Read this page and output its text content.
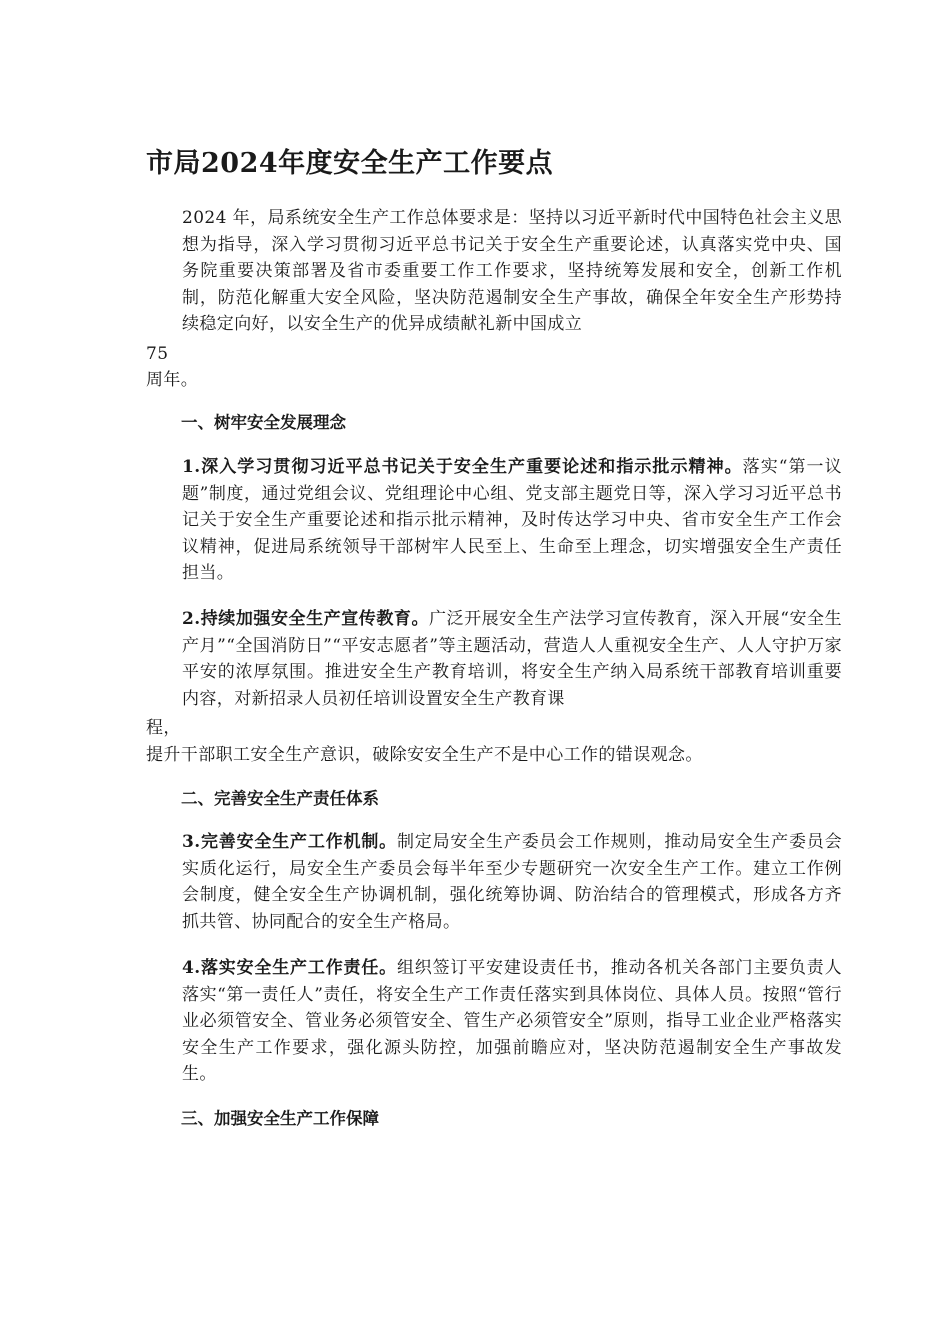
市局2024年度安全生产工作要点

2024 年，局系统安全生产工作总体要求是：坚持以习近平新时代中国特色社会主义思想为指导，深入学习贯彻习近平总书记关于安全生产重要论述，认真落实党中央、国务院重要决策部署及省市委重要工作工作要求，坚持统筹发展和安全，创新工作机制，防范化解重大安全风险，坚决防范遏制安全生产事故，确保全年安全生产形势持续稳定向好，以安全生产的优异成绩献礼新中国成立

75

周年。

一、树牢安全发展理念

1.深入学习贯彻习近平总书记关于安全生产重要论述和指示批示精神。落实“第一议题”制度，通过党组会议、党组理论中心组、党支部主题党日等，深入学习习近平总书记关于安全生产重要论述和指示批示精神，及时传达学习中央、省市安全生产工作会议精神，促进局系统领导干部树牢人民至上、生命至上理念，切实增强安全生产责任担当。

2.持续加强安全生产宣传教育。广泛开展安全生产法学习宣传教育，深入开展“安全生产月”“全国消防日”“平安志愿者”等主题活动，营造人人重视安全生产、人人守护万家平安的浓厚氛围。推进安全生产教育培训，将安全生产纳入局系统干部教育培训重要内容，对新招录人员初任培训设置安全生产教育课

程，

提升干部职工安全生产意识，破除安安全生产不是中心工作的错误观念。

二、完善安全生产责任体系

3.完善安全生产工作机制。制定局安全生产委员会工作规则，推动局安全生产委员会实质化运行，局安全生产委员会每半年至少专题研究一次安全生产工作。建立工作例会制度，健全安全生产协调机制，强化统筹协调、防治结合的管理模式，形成各方齐抓共管、协同配合的安全生产格局。

4.落实安全生产工作责任。组织签订平安建设责任书，推动各机关各部门主要负责人落实“第一责任人”责任，将安全生产工作责任落实到具体岗位、具体人员。按照“管行业必须管安全、管业务必须管安全、管生产必须管安全”原则，指导工业企业严格落实安全生产工作要求，强化源头防控，加强前瞻应对，坚决防范遏制安全生产事故发生。

三、加强安全生产工作保障
